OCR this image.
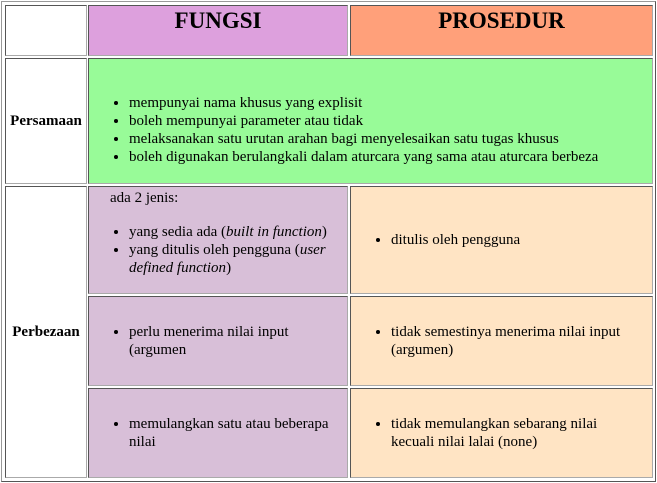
FUNGSI	PROSEDUR
Persamaan
• mempunyai nama khusus yang explisit
• boleh mempunyai parameter atau tidak
• melaksanakan satu urutan arahan bagi menyelesaikan satu tugas khusus
• boleh digunakan berulangkali dalam aturcara yang sama atau aturcara berbeza
Perbezaan
ada 2 jenis:
• yang sedia ada (built in function)
• yang ditulis oleh pengguna (user defined function)
• ditulis oleh pengguna
• perlu menerima nilai input (argumen
• tidak semestinya menerima nilai input (argumen)
• memulangkan satu atau beberapa nilai
• tidak memulangkan sebarang nilai kecuali nilai lalai (none)
